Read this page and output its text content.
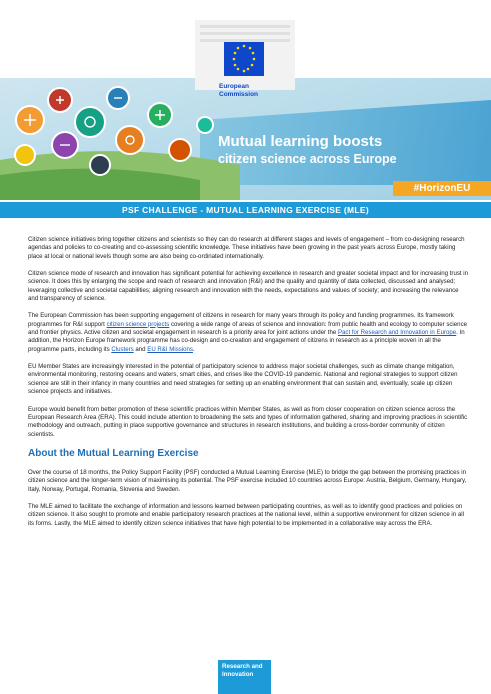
European
Commission
Mutual learning boosts
citizen science across Europe
#HorizonEU
PSF CHALLENGE - MUTUAL LEARNING EXERCISE (MLE)

Citizen science initiatives bring together citizens and scientists so they can do research at different stages and levels of engagement – from co-designing research agendas and policies to co-creating and co-assessing scientific knowledge. These initiatives have been growing in the past years across Europe, mostly taking place at local or national levels though some are also being co-ordinated internationally.

Citizen science mode of research and innovation has significant potential for achieving excellence in research and greater societal impact and for increasing trust in science. It does this by enlarging the scope and reach of research and innovation (R&I) and the quality and quantity of data collected, discussed and analysed; leveraging collective and societal capabilities; aligning research and innovation with the needs, expectations and values of society; and increasing the relevance and transparency of science.

The European Commission has been supporting engagement of citizens in research for many years through its policy and funding programmes. Its framework programmes for R&I support citizen science projects covering a wide range of areas of science and innovation: from public health and ecology to computer science and frontier physics. Active citizen and societal engagement in research is a priority area for joint actions under the Pact for Research and Innovation in Europe. In addition, the Horizon Europe framework programme has co-design and co-creation and engagement of citizens in research as a principle woven in all the programme parts, including its Clusters and EU R&I Missions.

EU Member States are increasingly interested in the potential of participatory science to address major societal challenges, such as climate change mitigation, environmental monitoring, restoring oceans and waters, smart cities, and crises like the COVID-19 pandemic. National and regional strategies to support citizen science are still in their infancy in many countries and need strategies for setting up an enabling environment that can sustain and, eventually, scale up citizen science projects and initiatives.

Europe would benefit from better promotion of these scientific practices within Member States, as well as from closer cooperation on citizen science across the European Research Area (ERA). This could include attention to broadening the sets and types of information gathered, sharing and improving practices in scientific methodology and outreach, putting in place supportive governance and structures in research institutions, and building a cross-border community of citizen scientists.

About the Mutual Learning Exercise

Over the course of 18 months, the Policy Support Facility (PSF) conducted a Mutual Learning Exercise (MLE) to bridge the gap between the promising practices in citizen science and the longer-term vision of maximising its potential. The PSF exercise included 10 countries across Europe: Austria, Belgium, Germany, Hungary, Italy, Norway, Portugal, Romania, Slovenia and Sweden.

The MLE aimed to facilitate the exchange of information and lessons learned between participating countries, as well as to identify good practices and policies on citizen science. It also sought to promote and enable participatory research practices at the national level, within a supportive environment for citizen science in all its forms. Lastly, the MLE aimed to identify citizen science initiatives that have high potential to be implemented in a collaborative way across the ERA.

Research and
Innovation
